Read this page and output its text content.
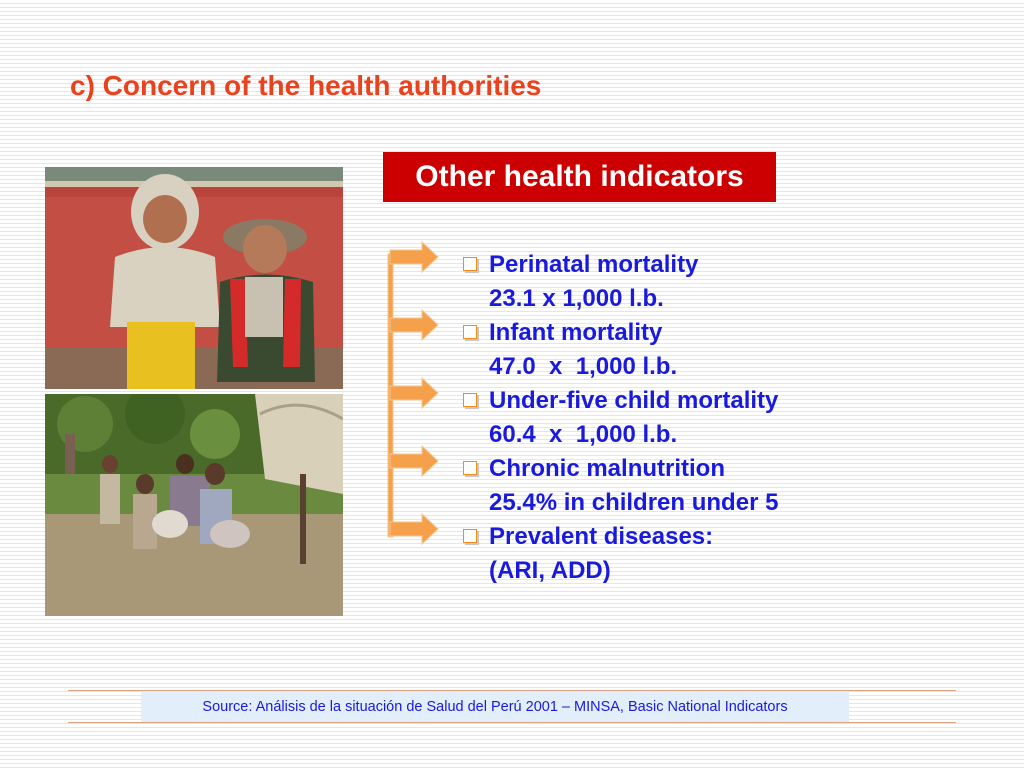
c) Concern of the health authorities
Other health indicators
Perinatal mortality
23.1 x 1,000 l.b.
Infant mortality
47.0  x  1,000 l.b.
Under-five child mortality
60.4  x  1,000 l.b.
Chronic malnutrition
25.4% in children under 5
Prevalent diseases:
(ARI, ADD)
Source: Análisis de la situación de Salud del Perú 2001 – MINSA, Basic National Indicators
